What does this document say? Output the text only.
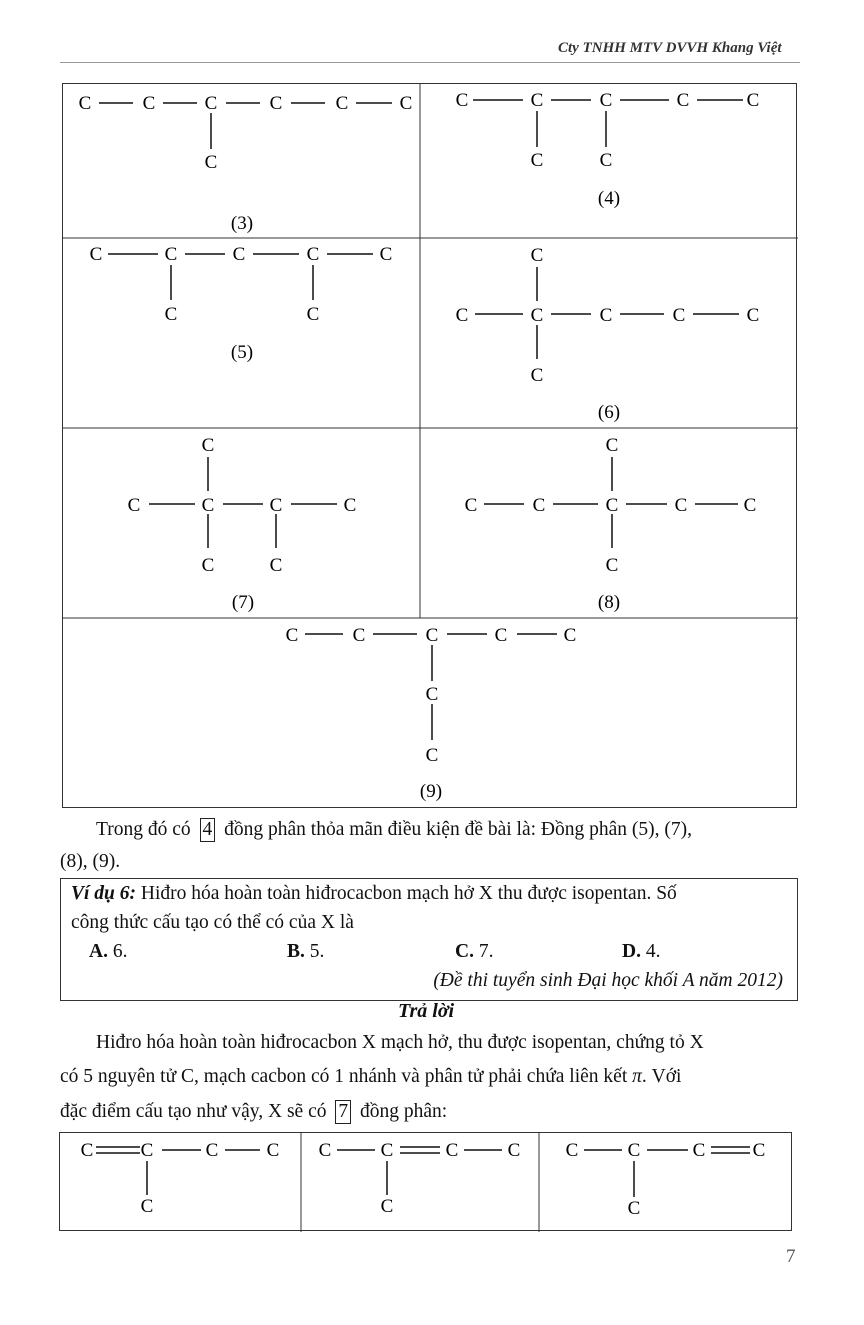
Cty TNHH MTV DVVH Khang Việt
C	C	C	C	C	C
C
(3)
C	C	C	C	C
C	C
(4)
C	C	C	C	C
C	C
(5)
C
C	C	C	C	C
C
(6)
C
C	C	C	C
C	C
(7)
C
C	C	C	C	C
C
(8)
C	C	C	C	C
C
C
(9)
Trong đó có 4 đồng phân thỏa mãn điều kiện đề bài là: Đồng phân (5), (7),
(8), (9).
Ví dụ 6: Hiđro hóa hoàn toàn hiđrocacbon mạch hở X thu được isopentan. Số
công thức cấu tạo có thể có của X là
A. 6.	B. 5.	C. 7.	D. 4.
(Đề thi tuyển sinh Đại học khối A năm 2012)
Trả lời
Hiđro hóa hoàn toàn hiđrocacbon X mạch hở, thu được isopentan, chứng tỏ X
có 5 nguyên tử C, mạch cacbon có 1 nhánh và phân tử phải chứa liên kết π. Với
đặc điểm cấu tạo như vậy, X sẽ có 7 đồng phân:
C C	C	C
C
C	C	C	C
C
C	C	C C
C
7
